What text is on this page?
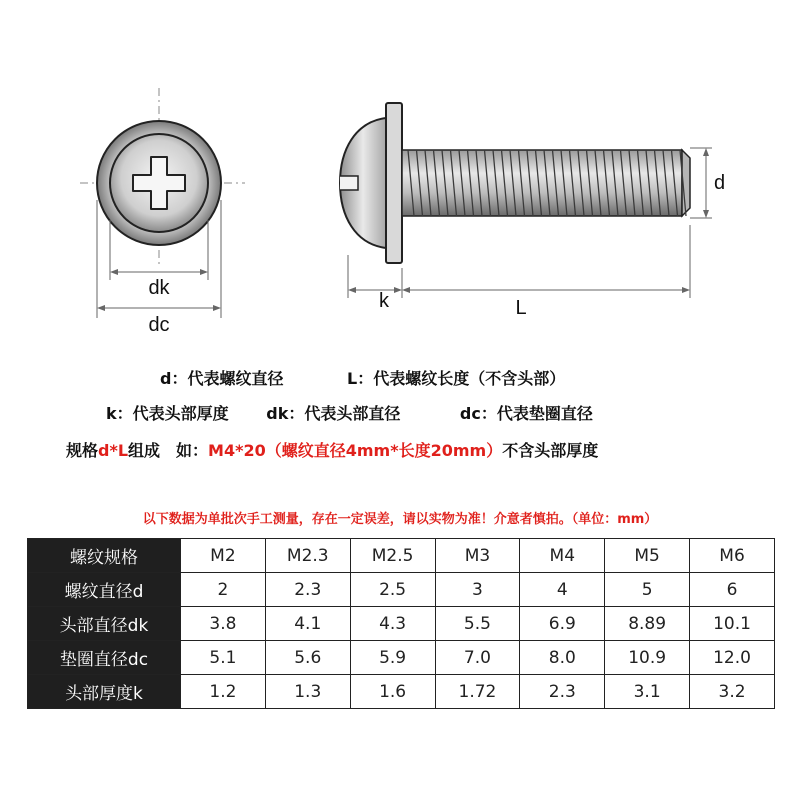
dk
dc
d
k	L
d：代表螺纹直径	L：代表螺纹长度（不含头部）
k：代表头部厚度 dk：代表头部直径	dc：代表垫圈直径
规格d*L组成　如：M4*20（螺纹直径4mm*长度20mm）不含头部厚度
以下数据为单批次手工测量，存在一定误差，请以实物为准！介意者慎拍。（单位：mm）
螺纹规格	M2	M2.3	M2.5	M3	M4	M5	M6
螺纹直径d	2	2.3	2.5	3	4	5	6
头部直径dk	3.8	4.1	4.3	5.5	6.9	8.89	10.1
垫圈直径dc	5.1	5.6	5.9	7.0	8.0	10.9	12.0
头部厚度k	1.2	1.3	1.6	1.72	2.3	3.1	3.2
